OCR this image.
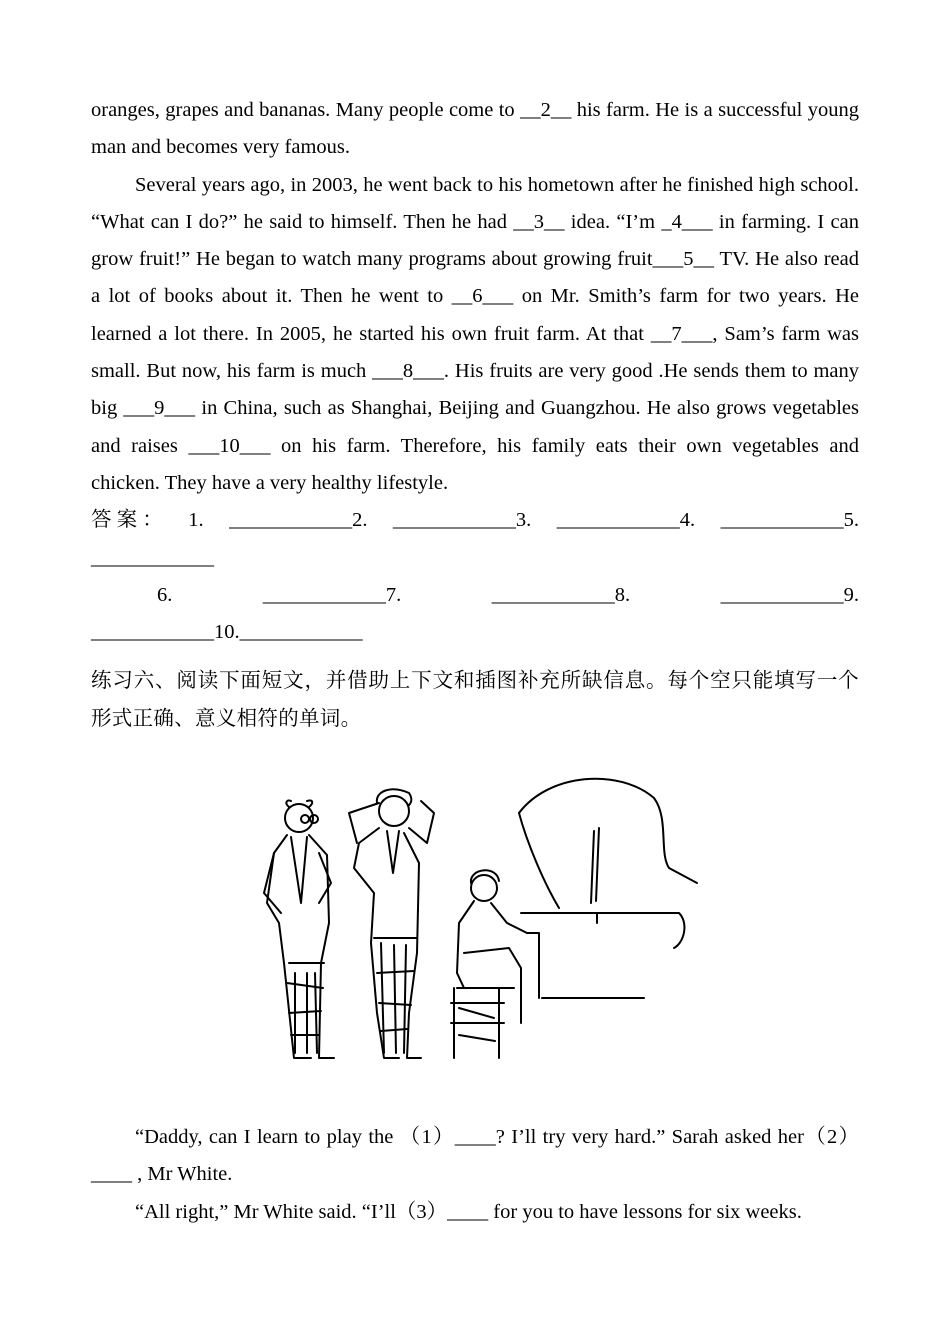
oranges, grapes and bananas. Many people come to __2__ his farm. He is a successful young man and becomes very famous.

Several years ago, in 2003, he went back to his hometown after he finished high school. “What can I do?” he said to himself. Then he had __3__ idea. “I’m _4___ in farming. I can grow fruit!” He began to watch many programs about growing fruit___5__ TV. He also read a lot of books about it. Then he went to __6___ on Mr. Smith’s farm for two years. He learned a lot there. In 2005, he started his own fruit farm. At that __7___, Sam’s farm was small. But now, his farm is much ___8___. His fruits are very good .He sends them to many big ___9___ in China, such as Shanghai, Beijing and Guangzhou. He also grows vegetables and raises ___10___ on his farm. Therefore, his family eats their own vegetables and chicken. They have a very healthy lifestyle.

答 案 ： 1. ____________2. ____________3. ____________4. ____________5.
____________
6.	____________7.	____________8.	____________9.
____________10.____________

练习六、阅读下面短文，并借助上下文和插图补充所缺信息。每个空只能填写一个形式正确、意义相符的单词。

“Daddy, can I learn to play the （1）____? I’ll try very hard.” Sarah asked her（2）____ , Mr White.

“All right,” Mr White said. “I’ll（3）____ for you to have lessons for six weeks.
